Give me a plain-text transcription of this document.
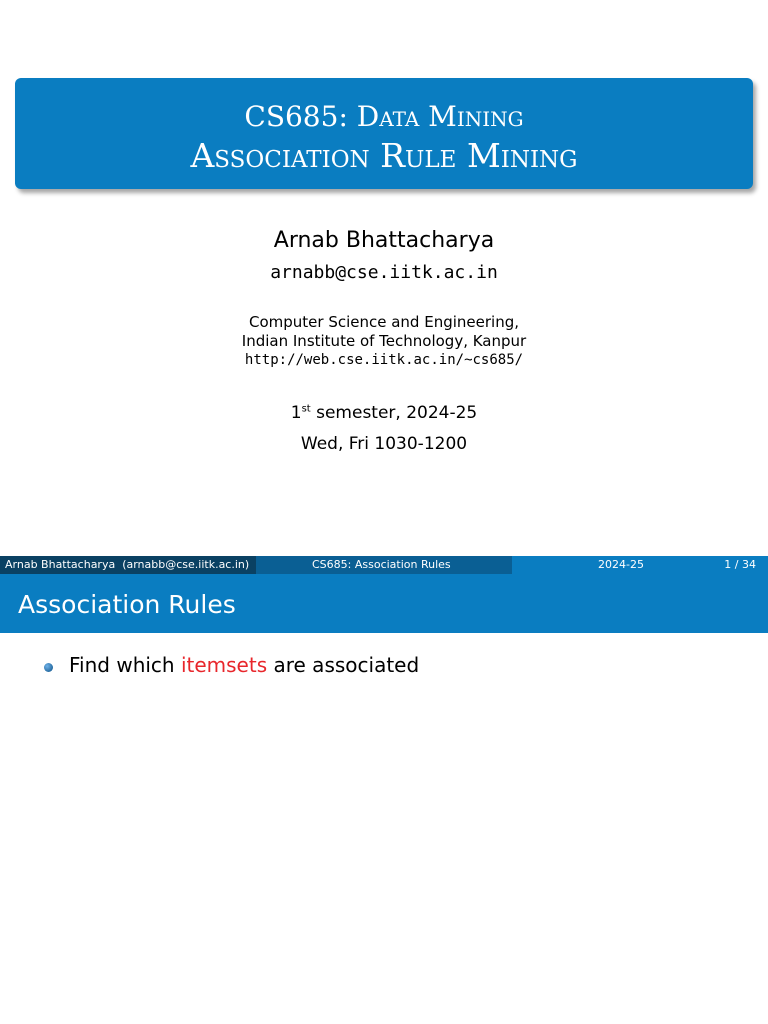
CS685: Data Mining
Association Rule Mining
Arnab Bhattacharya
arnabb@cse.iitk.ac.in
Computer Science and Engineering,
Indian Institute of Technology, Kanpur
http://web.cse.iitk.ac.in/~cs685/
1st semester, 2024-25
Wed, Fri 1030-1200
Arnab Bhattacharya  (arnabb@cse.iitk.ac.in)	CS685: Association Rules	2024-25	1 / 34
Association Rules
Find which itemsets are associated
